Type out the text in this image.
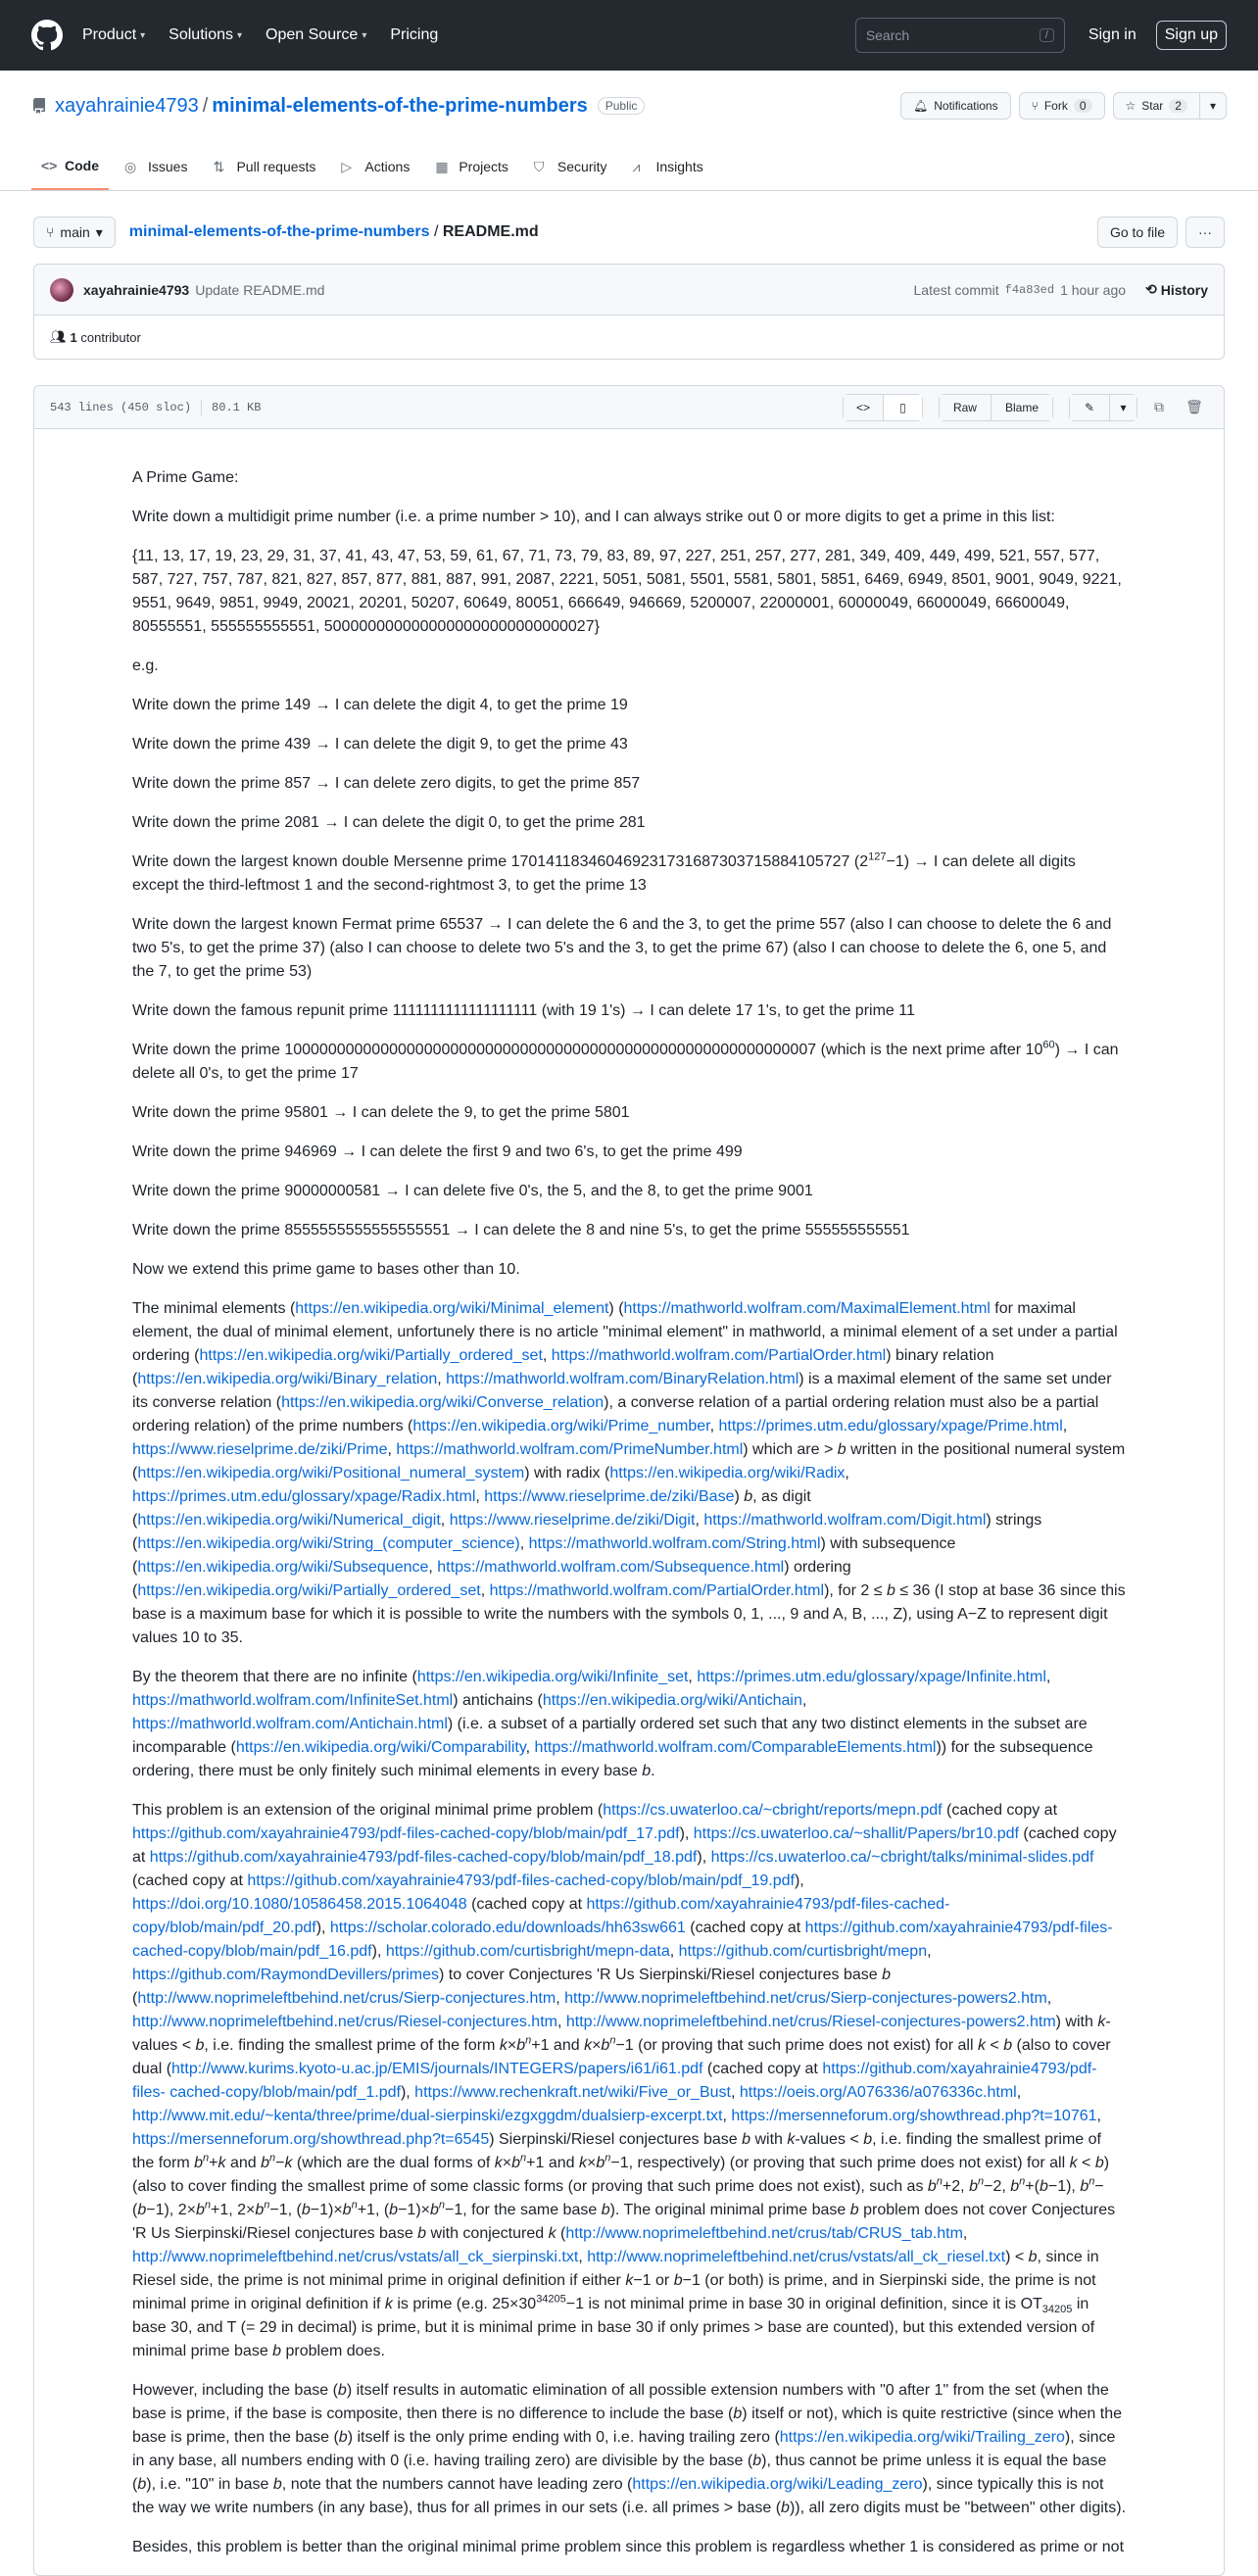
Product ▾ Solutions ▾ Open Source ▾ Pricing	Search	/	Sign in	Sign up
xayahrainie4793 / minimal-elements-of-the-prime-numbers	Public	🔔︎ Notifications	⑂ Fork	0	☆ Star	2	▾
<> Code ◎ Issues ⇅ Pull requests ▷ Actions ▦ Projects ⛉ Security ⩘	Insights
⑂ main ▾ minimal-elements-of-the-prime-numbers / README.md	Go to file	···
xayahrainie4793 Update README.md	Latest commit f4a83ed 1 hour ago ⟲ History
👥︎ 1 contributor
543 lines (450 sloc) 80.1 KB	<>	▯	Raw	Blame	✎ ▾ ⧉ 🗑︎

A Prime Game:

Write down a multidigit prime number (i.e. a prime number > 10), and I can always strike out 0 or more digits to get a prime in this list:

{11, 13, 17, 19, 23, 29, 31, 37, 41, 43, 47, 53, 59, 61, 67, 71, 73, 79, 83, 89, 97, 227, 251, 257, 277, 281, 349, 409, 449, 499, 521, 557, 577, 587, 727, 757, 787, 821, 827, 857, 877, 881, 887, 991, 2087, 2221, 5051, 5081, 5501, 5581, 5801, 5851, 6469, 6949, 8501, 9001, 9049, 9221, 9551, 9649, 9851, 9949, 20021, 20201, 50207, 60649, 80051, 666649, 946669, 5200007, 22000001, 60000049, 66000049, 66600049, 80555551, 555555555551, 5000000000000000000000000000027}

e.g.

Write down the prime 149 → I can delete the digit 4, to get the prime 19

Write down the prime 439 → I can delete the digit 9, to get the prime 43

Write down the prime 857 → I can delete zero digits, to get the prime 857

Write down the prime 2081 → I can delete the digit 0, to get the prime 281

Write down the largest known double Mersenne prime 170141183460469231731687303715884105727 $(2^{127}-1) \to I$ can delete all digits except the third-leftmost 1 and the second-rightmost 3, to get the prime 13

Write down the largest known Fermat prime 65537 → I can delete the 6 and the 3, to get the prime 557 (also I can choose to delete the 6 and two 5's, to get the prime 37) (also I can choose to delete two 5's and the 3, to get the prime 67) (also I can choose to delete the 6, one 5, and the 7, to get the prime 53)

Write down the famous repunit prime 1111111111111111111 (with 19 1's) → I can delete 17 1's, to get the prime 11

Write down the prime 1000000000000000000000000000000000000000000000000000000000007 (which is the next prime after $10^{60}) \to I$ can delete all 0's, to get the prime 17

Write down the prime 95801 → I can delete the 9, to get the prime 5801

Write down the prime 946969 → I can delete the first 9 and two 6's, to get the prime 499

Write down the prime 90000000581 → I can delete five 0's, the 5, and the 8, to get the prime 9001

Write down the prime 8555555555555555551 → I can delete the 8 and nine 5's, to get the prime 555555555551

Now we extend this prime game to bases other than 10.

The minimal elements (https://en.wikipedia.org/wiki/Minimal_element) (https://mathworld.wolfram.com/MaximalElement.html for maximal element, the dual of minimal element, unfortunely there is no article "minimal element" in mathworld, a minimal element of a set under a partial ordering (https://en.wikipedia.org/wiki/Partially_ordered_set, https://mathworld.wolfram.com/PartialOrder.html) binary relation (https://en.wikipedia.org/wiki/Binary_relation, https://mathworld.wolfram.com/BinaryRelation.html) is a maximal element of the same set under its converse relation (https://en.wikipedia.org/wiki/Converse_relation), a converse relation of a partial ordering relation must also be a partial ordering relation) of the prime numbers (https://en.wikipedia.org/wiki/Prime_number, https://primes.utm.edu/glossary/xpage/Prime.html, https://www.rieselprime.de/ziki/Prime, https://mathworld.wolfram.com/PrimeNumber.html) which are > b written in the positional numeral system (https://en.wikipedia.org/wiki/Positional_numeral_system) with radix (https://en.wikipedia.org/wiki/Radix, https://primes.utm.edu/glossary/xpage/Radix.html, https://www.rieselprime.de/ziki/Base) b, as digit (https://en.wikipedia.org/wiki/Numerical_digit, https://www.rieselprime.de/ziki/Digit, https://mathworld.wolfram.com/Digit.html) strings (https://en.wikipedia.org/wiki/String_(computer_science), https://mathworld.wolfram.com/String.html) with subsequence (https://en.wikipedia.org/wiki/Subsequence, https://mathworld.wolfram.com/Subsequence.html) ordering (https://en.wikipedia.org/wiki/Partially_ordered_set, https://mathworld.wolfram.com/PartialOrder.html), for 2 ≤ b ≤ 36 (I stop at base 36 since this base is a maximum base for which it is possible to write the numbers with the symbols 0, 1, ..., 9 and A, B, ..., Z), using A−Z to represent digit values 10 to 35.

By the theorem that there are no infinite (https://en.wikipedia.org/wiki/Infinite_set, https://primes.utm.edu/glossary/xpage/Infinite.html, https://mathworld.wolfram.com/InfiniteSet.html) antichains (https://en.wikipedia.org/wiki/Antichain, https://mathworld.wolfram.com/Antichain.html) (i.e. a subset of a partially ordered set such that any two distinct elements in the subset are incomparable (https://en.wikipedia.org/wiki/Comparability, https://mathworld.wolfram.com/ComparableElements.html)) for the subsequence ordering, there must be only finitely such minimal elements in every base b.

This problem is an extension of the original minimal prime problem (https://cs.uwaterloo.ca/~cbright/reports/mepn.pdf (cached copy at https://github.com/xayahrainie4793/pdf-files-cached-copy/blob/main/pdf_17.pdf), https://cs.uwaterloo.ca/~shallit/Papers/br10.pdf (cached copy at https://github.com/xayahrainie4793/pdf-files-cached-copy/blob/main/pdf_18.pdf), https://cs.uwaterloo.ca/~cbright/talks/minimal-slides.pdf (cached copy at https://github.com/xayahrainie4793/pdf-files-cached-copy/blob/main/pdf_19.pdf), https://doi.org/10.1080/10586458.2015.1064048 (cached copy at https://github.com/xayahrainie4793/pdf-files-cached- copy/blob/main/pdf_20.pdf), https://scholar.colorado.edu/downloads/hh63sw661 (cached copy at https://github.com/xayahrainie4793/pdf-files- cached-copy/blob/main/pdf_16.pdf), https://github.com/curtisbright/mepn-data, https://github.com/curtisbright/mepn, https://github.com/RaymondDevillers/primes) to cover Conjectures 'R Us Sierpinski/Riesel conjectures base b (http://www.noprimeleftbehind.net/crus/Sierp-conjectures.htm, http://www.noprimeleftbehind.net/crus/Sierp-conjectures-powers2.htm, http://www.noprimeleftbehind.net/crus/Riesel-conjectures.htm, http://www.noprimeleftbehind.net/crus/Riesel-conjectures-powers2.htm) with k-values < b, i.e. finding the smallest prime of the form $k\times b^n+1$ and $k\times b^n-1$ (or proving that such prime does not exist) for all k < b (also to cover dual (http://www.kurims.kyoto-u.ac.jp/EMIS/journals/INTEGERS/papers/i61/i61.pdf (cached copy at https://github.com/xayahrainie4793/pdf-files- cached-copy/blob/main/pdf_1.pdf), https://www.rechenkraft.net/wiki/Five_or_Bust, https://oeis.org/A076336/a076336c.html, http://www.mit.edu/~kenta/three/prime/dual-sierpinski/ezgxggdm/dualsierp-excerpt.txt, https://mersenneforum.org/showthread.php?t=10761, https://mersenneforum.org/showthread.php?t=6545) Sierpinski/Riesel conjectures base b with k-values < b, i.e. finding the smallest prime of the form $b^n+k$ and $b^n-k$ (which are the dual forms of $k\times b^n+1$ and $k\times b^n-1$, respectively) (or proving that such prime does not exist) for all k < b) (also to cover finding the smallest prime of some classic forms (or proving that such prime does not exist), such as $b^n+2$, $b^n-2$, $b^n+(b-1)$, $b^n-(b-1)$, $2\times b^n+1$, $2\times b^n-1$, $(b-1)\times b^n+1$, $(b-1)\times b^n-1$, for the same base b). The original minimal prime base b problem does not cover Conjectures 'R Us Sierpinski/Riesel conjectures base b with conjectured k (http://www.noprimeleftbehind.net/crus/tab/CRUS_tab.htm, http://www.noprimeleftbehind.net/crus/vstats/all_ck_sierpinski.txt, http://www.noprimeleftbehind.net/crus/vstats/all_ck_riesel.txt) < b, since in Riesel side, the prime is not minimal prime in original definition if either k−1 or b−1 (or both) is prime, and in Sierpinski side, the prime is not minimal prime in original definition if k is prime (e.g. $25\times 30^{34205}-1$ is not minimal prime in base 30 in original definition, since it is $OT_{34205}$ in base 30, and T (= 29 in decimal) is prime, but it is minimal prime in base 30 if only primes > base are counted), but this extended version of minimal prime base b problem does.

However, including the base (b) itself results in automatic elimination of all possible extension numbers with "0 after 1" from the set (when the base is prime, if the base is composite, then there is no difference to include the base (b) itself or not), which is quite restrictive (since when the base is prime, then the base (b) itself is the only prime ending with 0, i.e. having trailing zero (https://en.wikipedia.org/wiki/Trailing_zero), since in any base, all numbers ending with 0 (i.e. having trailing zero) are divisible by the base (b), thus cannot be prime unless it is equal the base (b), i.e. "10" in base b, note that the numbers cannot have leading zero (https://en.wikipedia.org/wiki/Leading_zero), since typically this is not the way we write numbers (in any base), thus for all primes in our sets (i.e. all primes > base (b)), all zero digits must be "between" other digits).

Besides, this problem is better than the original minimal prime problem since this problem is regardless whether 1 is considered as prime or not
